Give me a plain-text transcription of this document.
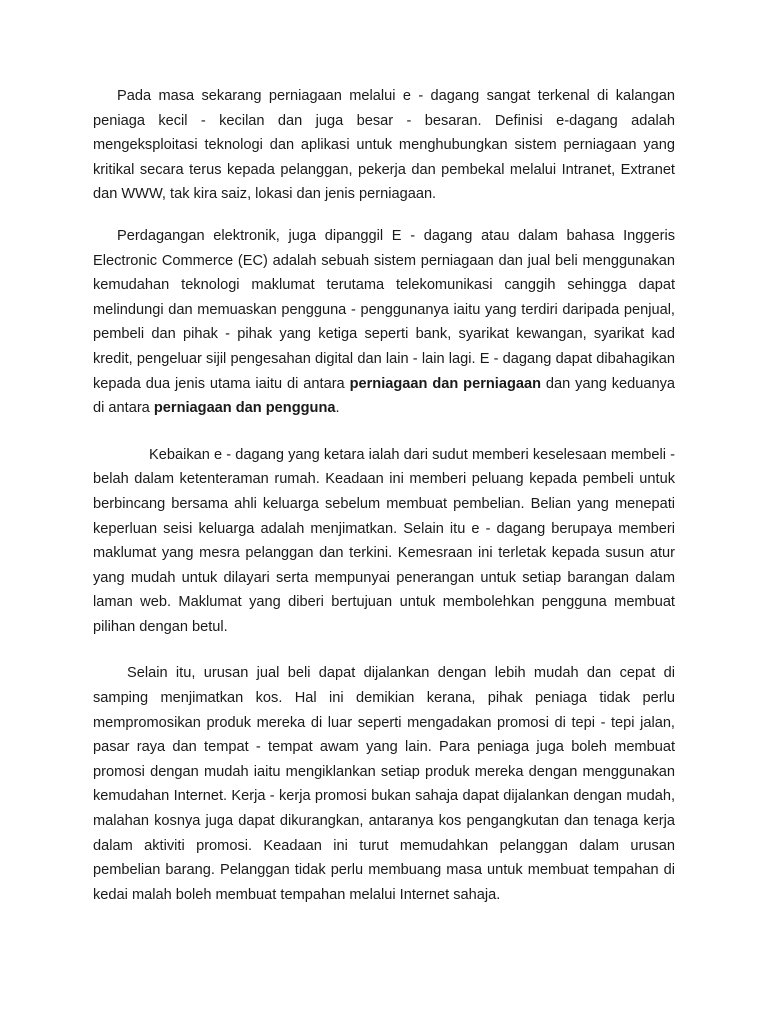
Pada masa sekarang perniagaan melalui e - dagang sangat terkenal di kalangan peniaga kecil - kecilan dan juga besar - besaran. Definisi e-dagang adalah mengeksploitasi teknologi dan aplikasi untuk menghubungkan sistem perniagaan yang kritikal secara terus kepada pelanggan, pekerja dan pembekal melalui Intranet, Extranet dan WWW, tak kira saiz, lokasi dan jenis perniagaan.

Perdagangan elektronik, juga dipanggil E - dagang atau dalam bahasa Inggeris Electronic Commerce (EC) adalah sebuah sistem perniagaan dan jual beli menggunakan kemudahan teknologi maklumat terutama telekomunikasi canggih sehingga dapat melindungi dan memuaskan pengguna - penggunanya iaitu yang terdiri daripada penjual, pembeli dan pihak - pihak yang ketiga seperti bank, syarikat kewangan, syarikat kad kredit, pengeluar sijil pengesahan digital dan lain - lain lagi. E - dagang dapat dibahagikan kepada dua jenis utama iaitu di antara perniagaan dan perniagaan dan yang keduanya di antara perniagaan dan pengguna.

Kebaikan e - dagang yang ketara ialah dari sudut memberi keselesaan membeli - belah dalam ketenteraman rumah. Keadaan ini memberi peluang kepada pembeli untuk berbincang bersama ahli keluarga sebelum membuat pembelian. Belian yang menepati keperluan seisi keluarga adalah menjimatkan. Selain itu e - dagang berupaya memberi maklumat yang mesra pelanggan dan terkini. Kemesraan ini terletak kepada susun atur yang mudah untuk dilayari serta mempunyai penerangan untuk setiap barangan dalam laman web. Maklumat yang diberi bertujuan untuk membolehkan pengguna membuat pilihan dengan betul.

Selain itu, urusan jual beli dapat dijalankan dengan lebih mudah dan cepat di samping menjimatkan kos. Hal ini demikian kerana, pihak peniaga tidak perlu mempromosikan produk mereka di luar seperti mengadakan promosi di tepi - tepi jalan, pasar raya dan tempat - tempat awam yang lain. Para peniaga juga boleh membuat promosi dengan mudah iaitu mengiklankan setiap produk mereka dengan menggunakan kemudahan Internet. Kerja - kerja promosi bukan sahaja dapat dijalankan dengan mudah, malahan kosnya juga dapat dikurangkan, antaranya kos pengangkutan dan tenaga kerja dalam aktiviti promosi. Keadaan ini turut memudahkan pelanggan dalam urusan pembelian barang. Pelanggan tidak perlu membuang masa untuk membuat tempahan di kedai malah boleh membuat tempahan melalui Internet sahaja.
